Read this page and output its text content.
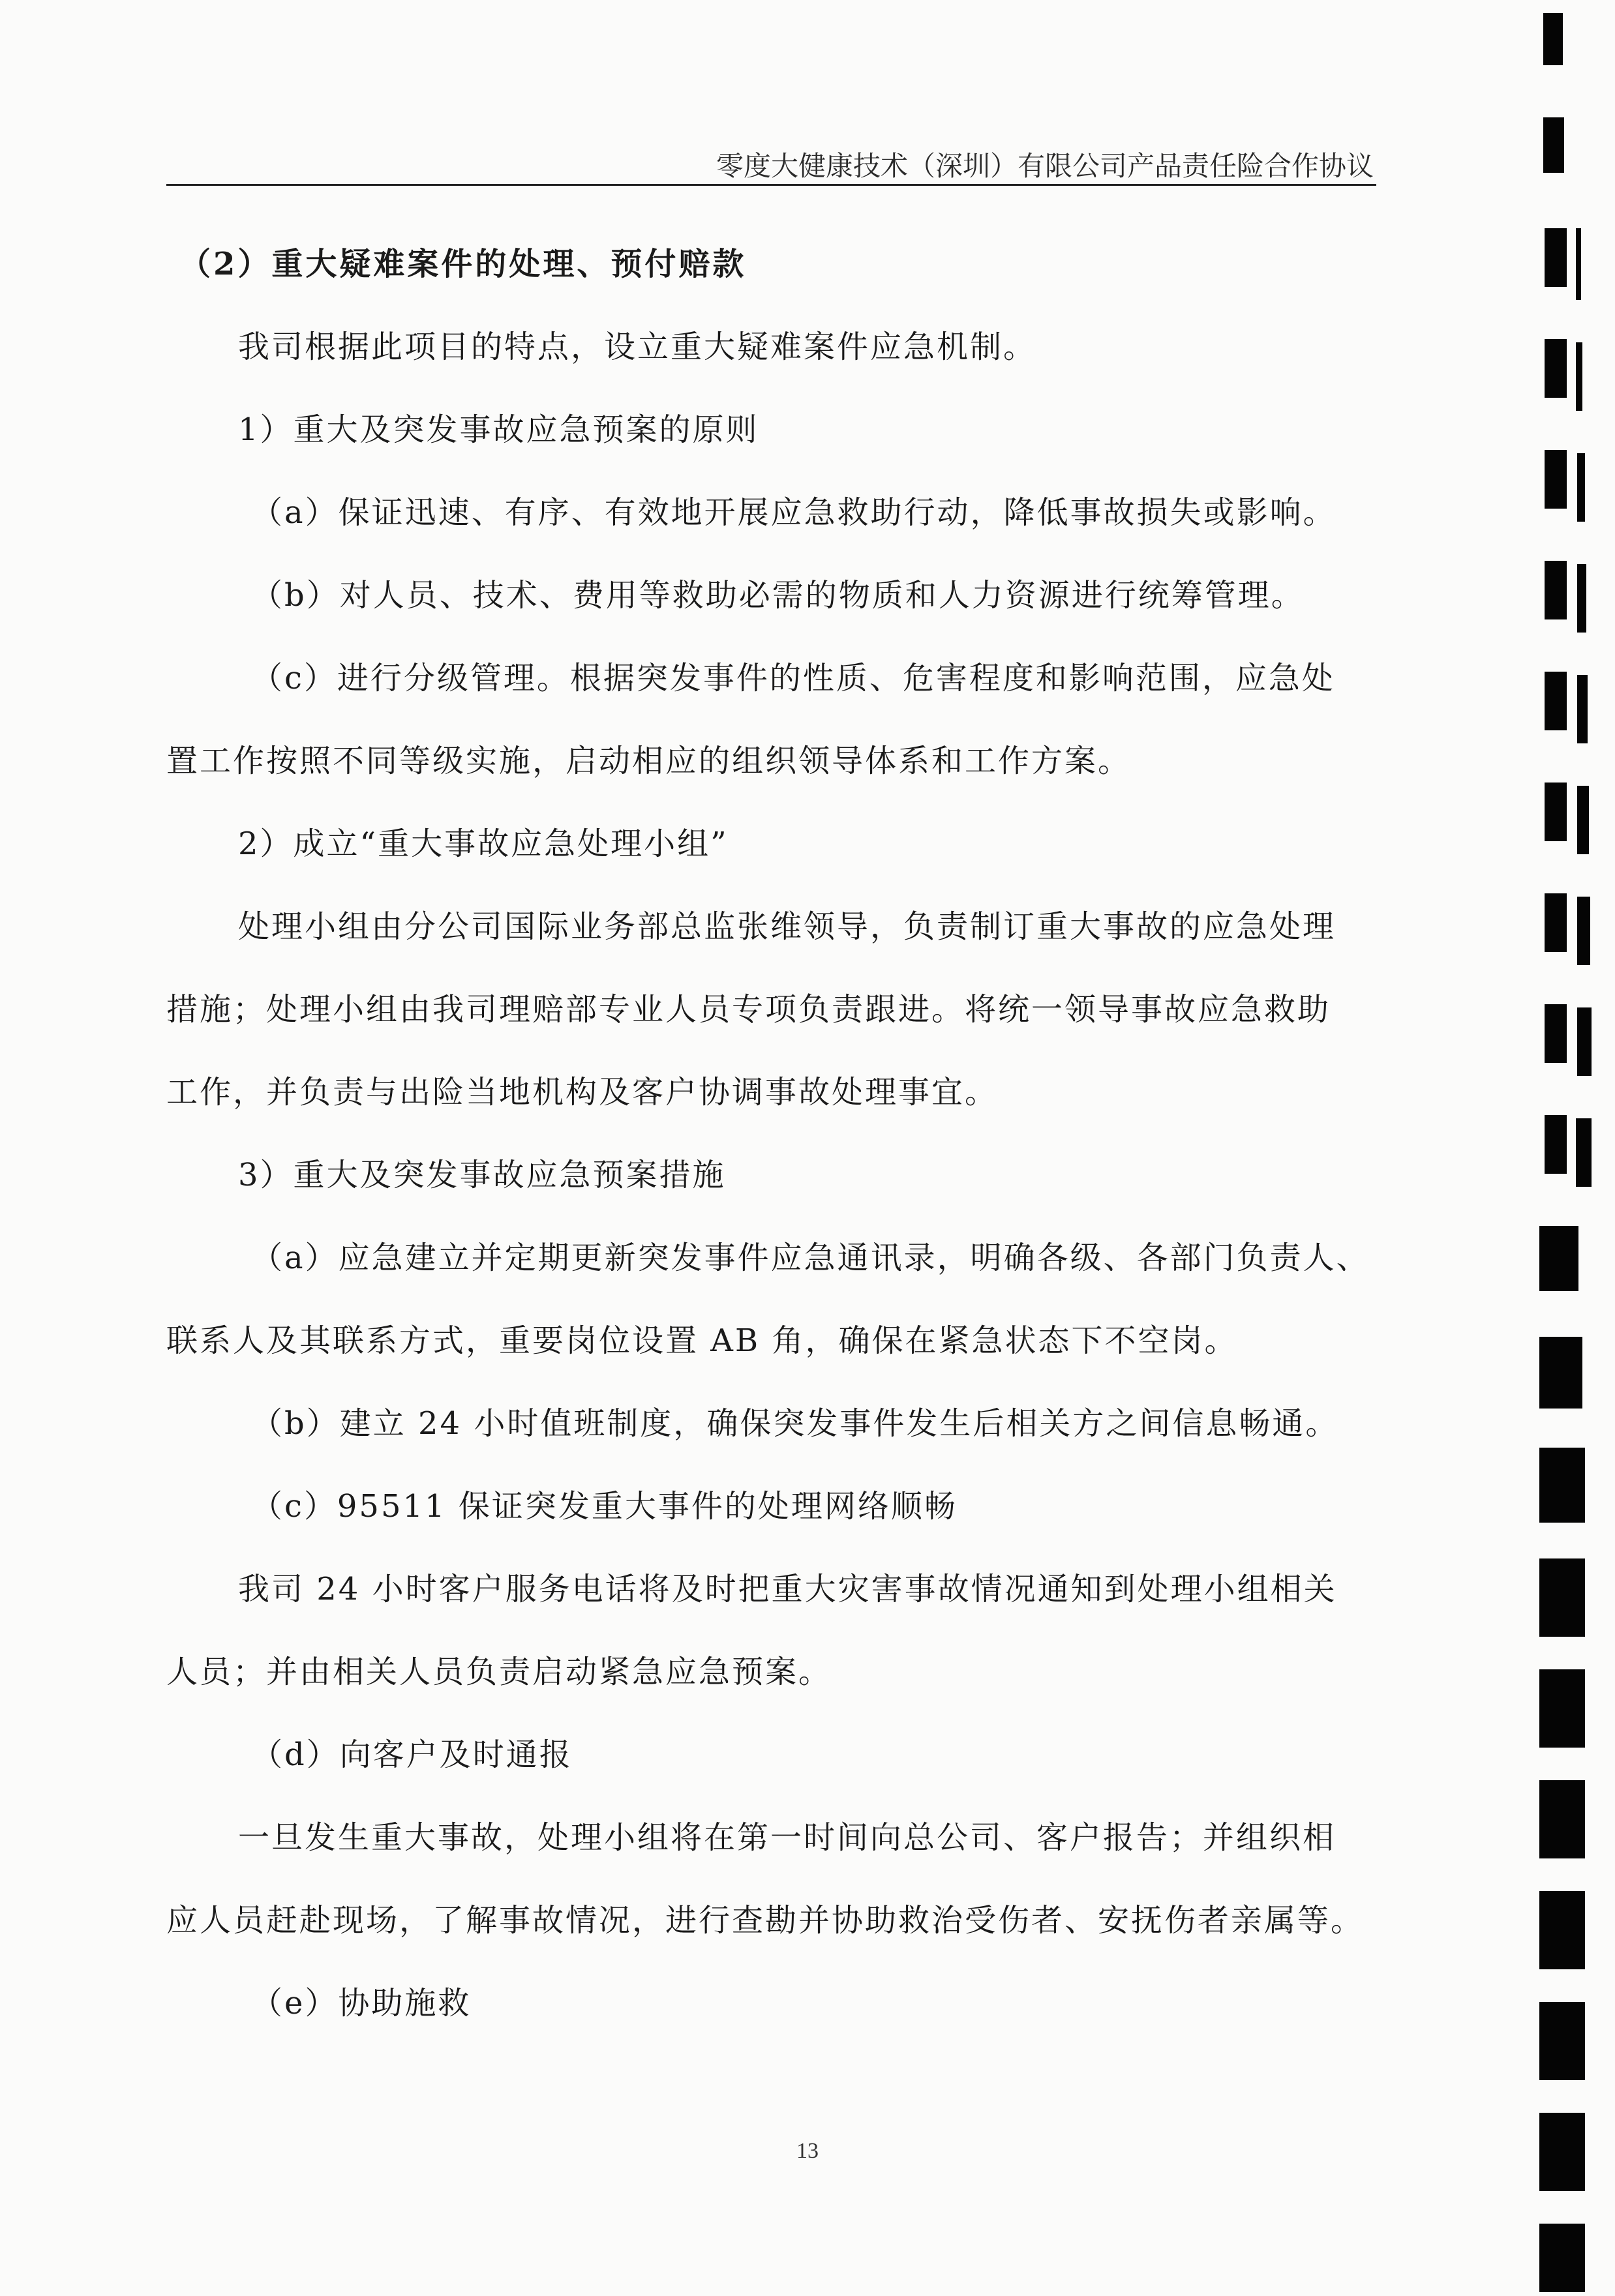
零度大健康技术（深圳）有限公司产品责任险合作协议
（2）重大疑难案件的处理、预付赔款
我司根据此项目的特点，设立重大疑难案件应急机制。
1）重大及突发事故应急预案的原则
（a）保证迅速、有序、有效地开展应急救助行动，降低事故损失或影响。
（b）对人员、技术、费用等救助必需的物质和人力资源进行统筹管理。
（c）进行分级管理。根据突发事件的性质、危害程度和影响范围，应急处
置工作按照不同等级实施，启动相应的组织领导体系和工作方案。
2）成立“重大事故应急处理小组”
处理小组由分公司国际业务部总监张维领导，负责制订重大事故的应急处理
措施；处理小组由我司理赔部专业人员专项负责跟进。将统一领导事故应急救助
工作，并负责与出险当地机构及客户协调事故处理事宜。
3）重大及突发事故应急预案措施
（a）应急建立并定期更新突发事件应急通讯录，明确各级、各部门负责人、
联系人及其联系方式，重要岗位设置 AB 角，确保在紧急状态下不空岗。
（b）建立 24 小时值班制度，确保突发事件发生后相关方之间信息畅通。
（c）95511 保证突发重大事件的处理网络顺畅
我司 24 小时客户服务电话将及时把重大灾害事故情况通知到处理小组相关
人员；并由相关人员负责启动紧急应急预案。
（d）向客户及时通报
一旦发生重大事故，处理小组将在第一时间向总公司、客户报告；并组织相
应人员赶赴现场，了解事故情况，进行查勘并协助救治受伤者、安抚伤者亲属等。
（e）协助施救
13
